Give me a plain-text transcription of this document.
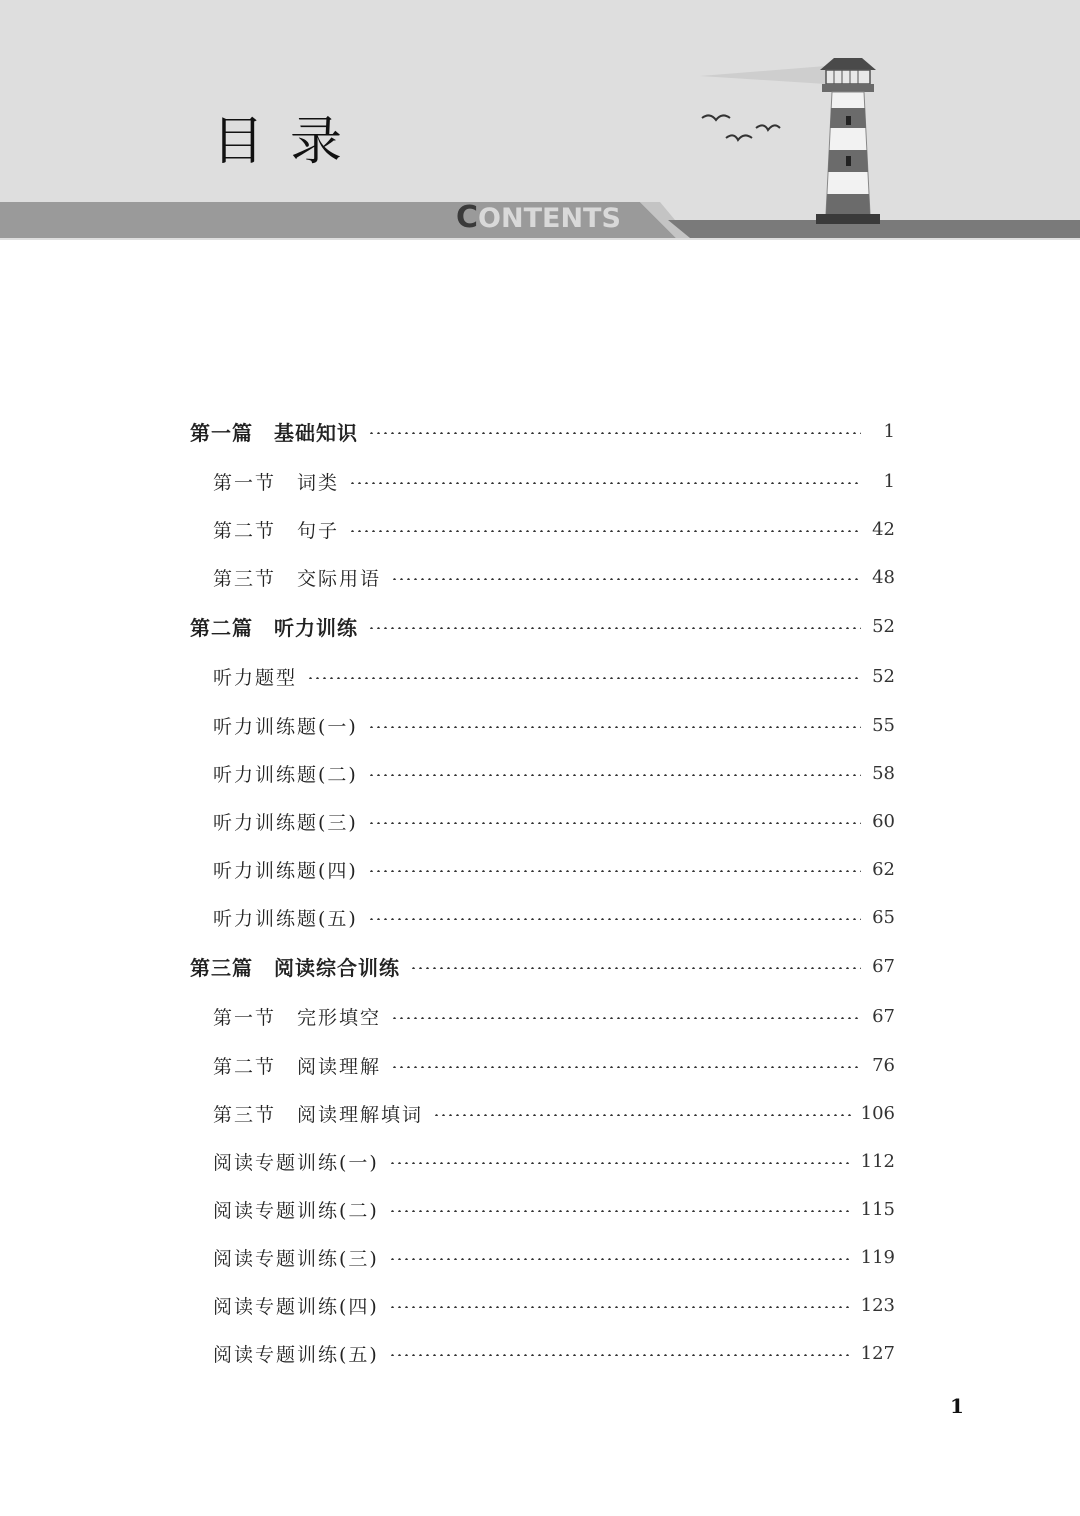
目录
CONTENTS
第一篇　基础知识	1
第一节　词类	1
第二节　句子	42
第三节　交际用语	48
第二篇　听力训练	52
听力题型	52
听力训练题(一)	55
听力训练题(二)	58
听力训练题(三)	60
听力训练题(四)	62
听力训练题(五)	65
第三篇　阅读综合训练	67
第一节　完形填空	67
第二节　阅读理解	76
第三节　阅读理解填词	106
阅读专题训练(一)	112
阅读专题训练(二)	115
阅读专题训练(三)	119
阅读专题训练(四)	123
阅读专题训练(五)	127
1
